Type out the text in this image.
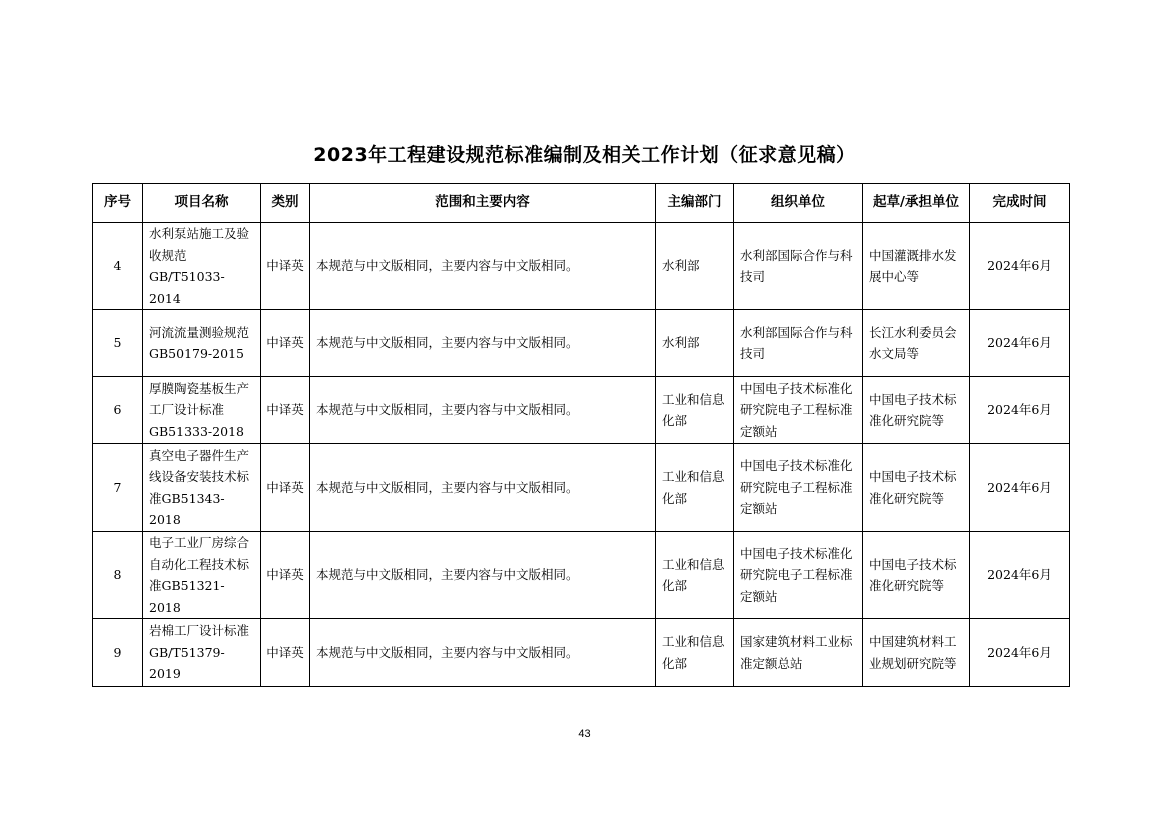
2023年工程建设规范标准编制及相关工作计划（征求意见稿）
序号	项目名称	类别	范围和主要内容	主编部门	组织单位	起草/承担单位	完成时间
4	水利泵站施工及验收规范GB/T51033-2014	中译英	本规范与中文版相同，主要内容与中文版相同。	水利部	水利部国际合作与科技司	中国灌溉排水发展中心等	2024年6月
5	河流流量测验规范GB50179-2015	中译英	本规范与中文版相同，主要内容与中文版相同。	水利部	水利部国际合作与科技司	长江水利委员会水文局等	2024年6月
6	厚膜陶瓷基板生产工厂设计标准GB51333-2018	中译英	本规范与中文版相同，主要内容与中文版相同。	工业和信息化部	中国电子技术标准化研究院电子工程标准定额站	中国电子技术标准化研究院等	2024年6月
7	真空电子器件生产线设备安装技术标准GB51343-2018	中译英	本规范与中文版相同，主要内容与中文版相同。	工业和信息化部	中国电子技术标准化研究院电子工程标准定额站	中国电子技术标准化研究院等	2024年6月
8	电子工业厂房综合自动化工程技术标准GB51321-2018	中译英	本规范与中文版相同，主要内容与中文版相同。	工业和信息化部	中国电子技术标准化研究院电子工程标准定额站	中国电子技术标准化研究院等	2024年6月
9	岩棉工厂设计标准GB/T51379-2019	中译英	本规范与中文版相同，主要内容与中文版相同。	工业和信息化部	国家建筑材料工业标准定额总站	中国建筑材料工业规划研究院等	2024年6月
43
